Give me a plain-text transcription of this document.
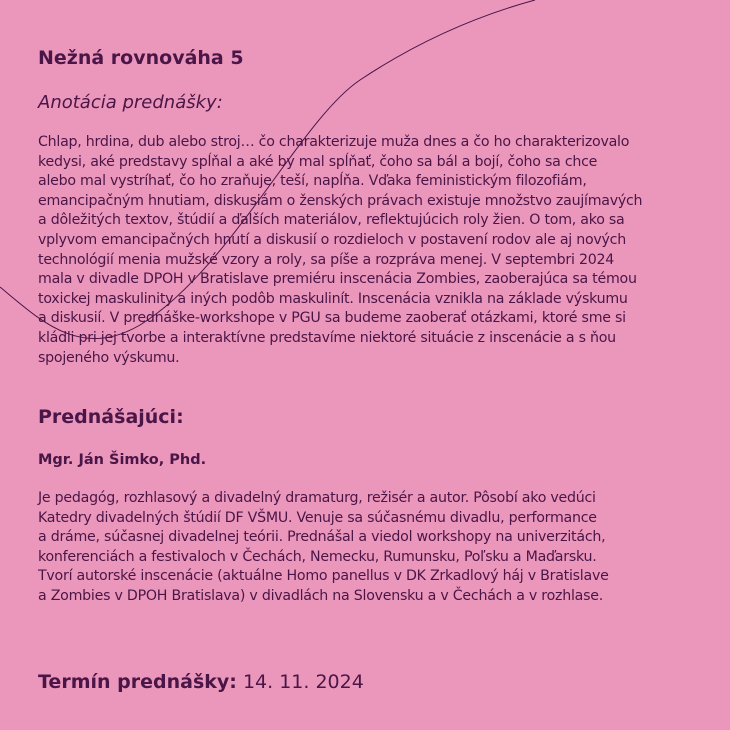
Nežná rovnováha 5
Anotácia prednášky:
Chlap, hrdina, dub alebo stroj… čo charakterizuje muža dnes a čo ho charakterizovalo
kedysi, aké predstavy spĺňal a aké by mal spĺňať, čoho sa bál a bojí, čoho sa chce
alebo mal vystríhať, čo ho zraňuje, teší, napĺňa. Vďaka feministickým filozofiám,
emancipačným hnutiam, diskusiám o ženských právach existuje množstvo zaujímavých
a dôležitých textov, štúdií a ďalších materiálov, reflektujúcich roly žien. O tom, ako sa
vplyvom emancipačných hnutí a diskusií o rozdieloch v postavení rodov ale aj nových
technológií menia mužské vzory a roly, sa píše a rozpráva menej. V septembri 2024
mala v divadle DPOH v Bratislave premiéru inscenácia Zombies, zaoberajúca sa témou
toxickej maskulinity a iných podôb maskulinít. Inscenácia vznikla na základe výskumu
a diskusií. V prednáške-workshope v PGU sa budeme zaoberať otázkami, ktoré sme si
kládli pri jej tvorbe a interaktívne predstavíme niektoré situácie z inscenácie a s ňou
spojeného výskumu.
Prednášajúci:
Mgr. Ján Šimko, Phd.
Je pedagóg, rozhlasový a divadelný dramaturg, režisér a autor. Pôsobí ako vedúci
Katedry divadelných štúdií DF VŠMU. Venuje sa súčasnému divadlu, performance
a dráme, súčasnej divadelnej teórii. Prednášal a viedol workshopy na univerzitách,
konferenciách a festivaloch v Čechách, Nemecku, Rumunsku, Poľsku a Maďarsku.
Tvorí autorské inscenácie (aktuálne Homo panellus v DK Zrkadlový háj v Bratislave
a Zombies v DPOH Bratislava) v divadlách na Slovensku a v Čechách a v rozhlase.
Termín prednášky: 14. 11. 2024
